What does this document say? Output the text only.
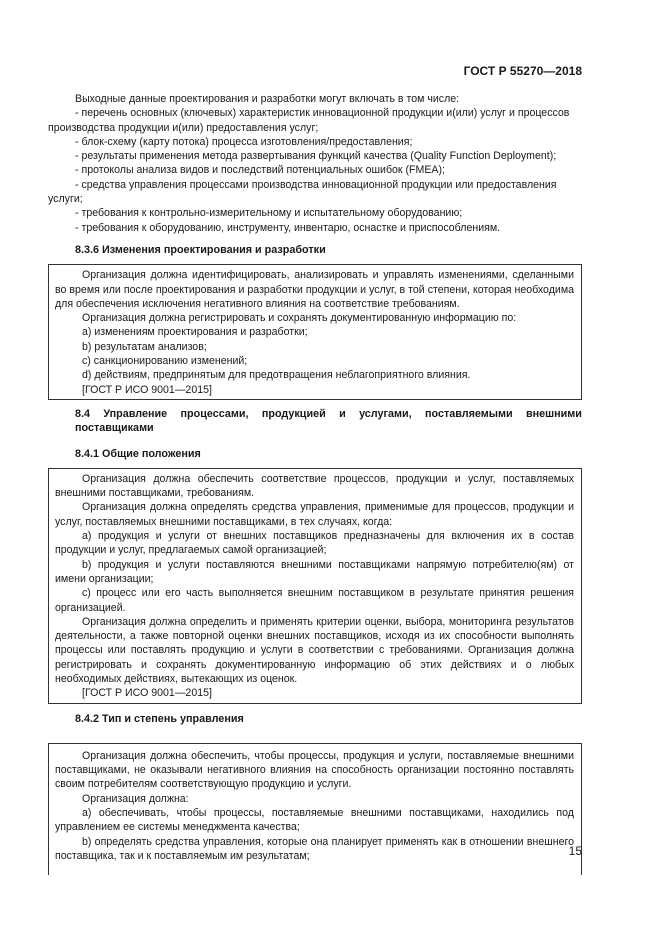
ГОСТ Р 55270—2018

Выходные данные проектирования и разработки могут включать в том числе:

- перечень основных (ключевых) характеристик инновационной продукции и(или) услуг и процессов

производства продукции и(или) предоставления услуг;

- блок-схему (карту потока) процесса изготовления/предоставления;

- результаты применения метода развертывания функций качества (Quality Function Deployment);

- протоколы анализа видов и последствий потенциальных ошибок (FMEA);

- средства управления процессами производства инновационной продукции или предоставления

услуги;

- требования к контрольно-измерительному и испытательному оборудованию;

- требования к оборудованию, инструменту, инвентарю, оснастке и приспособлениям.

8.3.6 Изменения проектирования и разработки

Организация должна идентифицировать, анализировать и управлять изменениями, сделанными во время или после проектирования и разработки продукции и услуг, в той степени, которая необходима для обеспечения исключения негативного влияния на соответствие требованиям.

Организация должна регистрировать и сохранять документированную информацию по:

a) изменениям проектирования и разработки;

b) результатам анализов;

c) санкционированию изменений;

d) действиям, предпринятым для предотвращения неблагоприятного влияния.

[ГОСТ Р ИСО 9001—2015]

8.4 Управление процессами, продукцией и услугами, поставляемыми внешними

поставщиками

8.4.1 Общие положения

Организация должна обеспечить соответствие процессов, продукции и услуг, поставляемых внешними поставщиками, требованиям.

Организация должна определять средства управления, применимые для процессов, продукции и услуг, поставляемых внешними поставщиками, в тех случаях, когда:

a) продукция и услуги от внешних поставщиков предназначены для включения их в состав продукции и услуг, предлагаемых самой организацией;

b) продукция и услуги поставляются внешними поставщиками напрямую потребителю(ям) от имени организации;

c) процесс или его часть выполняется внешним поставщиком в результате принятия решения организацией.

Организация должна определить и применять критерии оценки, выбора, мониторинга результатов деятельности, а также повторной оценки внешних поставщиков, исходя из их способности выполнять процессы или поставлять продукцию и услуги в соответствии с требованиями. Организация должна регистрировать и сохранять документированную информацию об этих действиях и о любых необходимых действиях, вытекающих из оценок.

[ГОСТ Р ИСО 9001—2015]

8.4.2 Тип и степень управления

Организация должна обеспечить, чтобы процессы, продукция и услуги, поставляемые внешними поставщиками, не оказывали негативного влияния на способность организации постоянно поставлять своим потребителям соответствующую продукцию и услуги.

Организация должна:

a) обеспечивать, чтобы процессы, поставляемые внешними поставщиками, находились под управлением ее системы менеджмента качества;

b) определять средства управления, которые она планирует применять как в отношении внешнего поставщика, так и к поставляемым им результатам;	15
